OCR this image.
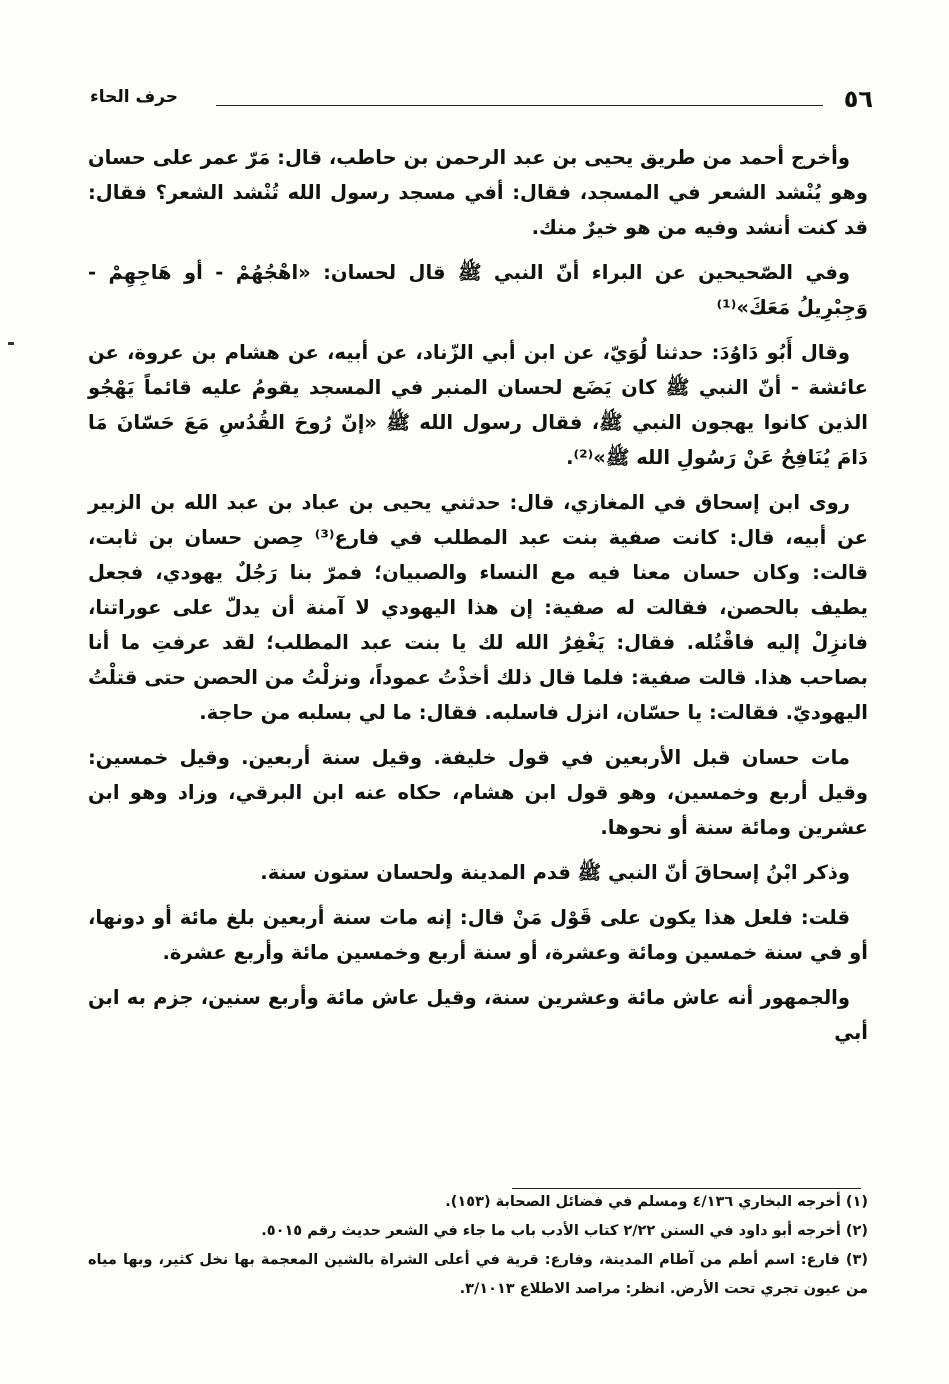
٥٦
حرف الحاء

وأخرج أحمد من طريق يحيى بن عبد الرحمن بن حاطب، قال: مَرّ عمر على حسان وهو يُنْشد الشعر في المسجد، فقال: أفي مسجد رسول الله تُنْشد الشعر؟ فقال: قد كنت أنشد وفيه من هو خيرٌ منك.

وفي الصّحيحين عن البراء أنّ النبي ﷺ قال لحسان: «اهْجُهُمْ - أو هَاجِهِمْ - وَجِبْرِيلُ مَعَكَ»⁽¹⁾

وقال أَبُو دَاوُدَ: حدثنا لُوَيّ، عن ابن أبي الزّناد، عن أبيه، عن هشام بن عروة، عن عائشة - أنّ النبي ﷺ كان يَضَع لحسان المنبر في المسجد يقومُ عليه قائماً يَهْجُو الذين كانوا يهجون النبي ﷺ، فقال رسول الله ﷺ «إنّ رُوحَ القُدُسِ مَعَ حَسّانَ مَا دَامَ يُنَافِحُ عَنْ رَسُولِ الله ﷺ»⁽²⁾.

روى ابن إسحاق في المغازي، قال: حدثني يحيى بن عباد بن عبد الله بن الزبير عن أبيه، قال: كانت صفية بنت عبد المطلب في فارع⁽³⁾ حِصن حسان بن ثابت، قالت: وكان حسان معنا فيه مع النساء والصبيان؛ فمرّ بنا رَجُلٌ يهودي، فجعل يطيف بالحصن، فقالت له صفية: إن هذا اليهودي لا آمنة أن يدلّ على عوراتنا، فانزِلْ إليه فاقْتُله. فقال: يَغْفِرُ الله لك يا بنت عبد المطلب؛ لقد عرفتِ ما أنا بصاحب هذا. قالت صفية: فلما قال ذلك أخذْتُ عموداً، ونزلْتُ من الحصن حتى قتلْتُ اليهوديّ. فقالت: يا حسّان، انزل فاسلبه. فقال: ما لي بسلبه من حاجة.

مات حسان قبل الأربعين في قول خليفة. وقيل سنة أربعين. وقيل خمسين: وقيل أربع وخمسين، وهو قول ابن هشام، حكاه عنه ابن البرقي، وزاد وهو ابن عشرين ومائة سنة أو نحوها.

وذكر ابْنُ إسحاقَ أنّ النبي ﷺ قدم المدينة ولحسان ستون سنة.

قلت: فلعل هذا يكون على قَوْل مَنْ قال: إنه مات سنة أربعين بلغ مائة أو دونها، أو في سنة خمسين ومائة وعشرة، أو سنة أربع وخمسين مائة وأربع عشرة.

والجمهور أنه عاش مائة وعشرين سنة، وقيل عاش مائة وأربع سنين، جزم به ابن أبي

(١) أخرجه البخاري ٤/١٣٦ ومسلم في فضائل الصحابة (١٥٣).

(٢) أخرجه أبو داود في السنن ٢/٢٢ كتاب الأدب باب ما جاء في الشعر حديث رقم ٥٠١٥.

(٣) فارع: اسم أطم من آطام المدينة، وفارع: قرية في أعلى الشراة بالشين المعجمة بها نخل كثير، وبها مياه من عيون تجري تحت الأرض. انظر: مراصد الاطلاع ٣/١٠١٣.
